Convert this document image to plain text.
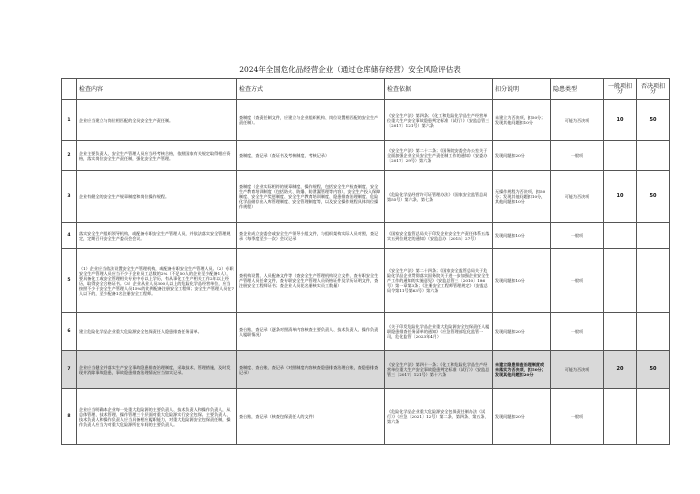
2024年全国危化品经营企业（通过仓库储存经营）安全风险评估表
	检查内容	检查方式	检查依据	扣分说明	隐患类型	一般项扣分	否决项扣分
1	企业应当建立与岗位相匹配的全员安全生产责任制。	查制度（查责任制文件，应建立与企业组织机构、岗位设置相匹配的安全生产责任制）。	《安全生产法》第四条；《化工和危险化学品生产经营单位重大生产安全事故隐患判定标准（试行）》（安监总管三〔2017〕121号）第六条	未建立为否决项，扣50分；发现其他问题扣10分	可能为否决项	10	50
2	企业主要负责人、安全生产管理人员应当经考核合格，依照国家有关规定取得相应资格，落实岗位安全生产责任制，强化安全生产管理。	查制度，查记录（查证书及考核制度，考核记录）	《安全生产法》第二十二条；《国务院安委会办公室关于全面加强企业全员安全生产责任制工作的通知》（安委办〔2017〕29号）第六条	发现问题扣20分	一般项		
3	企业有健全的安全生产规章制度和岗位操作规程。	查制度（企业实际相符的规章制度，操作规程，包括安全生产检查制度、安全生产教育培训制度（包括防火、防爆、防泄漏管理等内容），安全生产投入保障制度、安全生产奖惩制度、安全生产教育培训制度、隐患排查治理制度、危险化学品储存出入库管理制度、安全管理制度等，以及安全操作规程具体岗位操作规程）	《危险化学品经营许可证管理办法》（国家安全监管总局第55号）第六条、第七条	无操作规程为否决项，扣50分；发现其他问题扣10分，其他问题扣10分	可能为否决项	10	50
4	落实安全生产组织领导机构，或配备专职安全生产管理人员，并依法落实安全管理规定，定期召开安全生产委员会会议。	查企业成立安委会或安全生产领导小组文件，与组织架构实际人员对照，查记录（每季度至少一次）会议记录	《国家安全监管总局关于印发企业安全生产责任体系五落实五到位规定的通知》（安监总办〔2015〕27号）	发现问题扣10分	一般项		
5	（1）企业应当依法设置安全生产管理机构，或配备专职安全生产管理人员。（2）专职安全生产管理人员应当不少于企业员工总数的2%（不足50人的企业至少配备1人），要具备化工或安全管理相关专业中专以上学历，有从事化工生产相关工作2年以上经历，取得安全合格证书。（3）企业从业人员300人以上的危险化学品经营单位，应当按照不少于安全生产管理人员15%的比例配备注册安全工程师；安全生产管理人员在7人以下的，至少配备1名注册安全工程师。	查机构设置、人员配备文件等（查安全生产管理机构设立文件，查专职安全生产管理人员任命文件，查专职安全生产管理人员资格证件及学历证明文件，查注册安全工程师证书；查企业人员花名册核实员工数量）	《安全生产法》第二十四条；《国家安全监管总局关于危险化学品企业贯彻落实国务院关于进一步加强企业安全生产工作的通知的实施意见》（安监总管三〔2010〕186号）第一章第3条；《注册安全工程师管理规定》（安监总局令第11号第63号）第六条	发现问题扣10分	一般项		
6	建立危险化学品企业重大危险源安全包保责任人隐患排查任务清单。	查台账，查记录（逐条对照清单内容核查主要负责人、技术负责人、操作负责人履职情况）	《关于印发危险化学品企业重大危险源安全包保责任人履职隐患排查任务清单的通知》（应急管理部危化监管一司，危化监管〔2023年4月）	发现问题扣20分	一般项		
7	企业应当健全并落实生产安全事故隐患排查治理制度，采取技术、管理措施，及时发现并消除事故隐患，事故隐患排查治理情况应当如实记录。	查制度、查台账、查记录（对照制度内容核查隐患排查治理台账，查隐患排查记录）	《安全生产法》第四十一条；《化工和危险化学品生产经营单位重大生产安全事故隐患判定标准（试行）》（安监总管三〔2017〕121号）第十六条	未建立隐患排查治理制度或未落实为否决项，扣50分；发现其他问题扣20分	可能为否决项	20	50
8	企业应当明确本企业每一处重大危险源的主要负责人、技术负责人和操作负责人，从总体管理、技术管理、操作管理三个层面对重大危险源实行安全包保。主要负责人、技术负责人和操作负责人应当具备相应履职能力，对重大危险源安全包保责任制，操作负责人应当为对重大危险源所在车间的主要负责人。	查台账，查记录（核查包保责任人的文件）	《危险化学品企业重大危险源安全包保责任制办法（试行）》（应急〔2021〕12号）第二条、第四条、第五条、第六条	发现问题扣20分	一般项		
